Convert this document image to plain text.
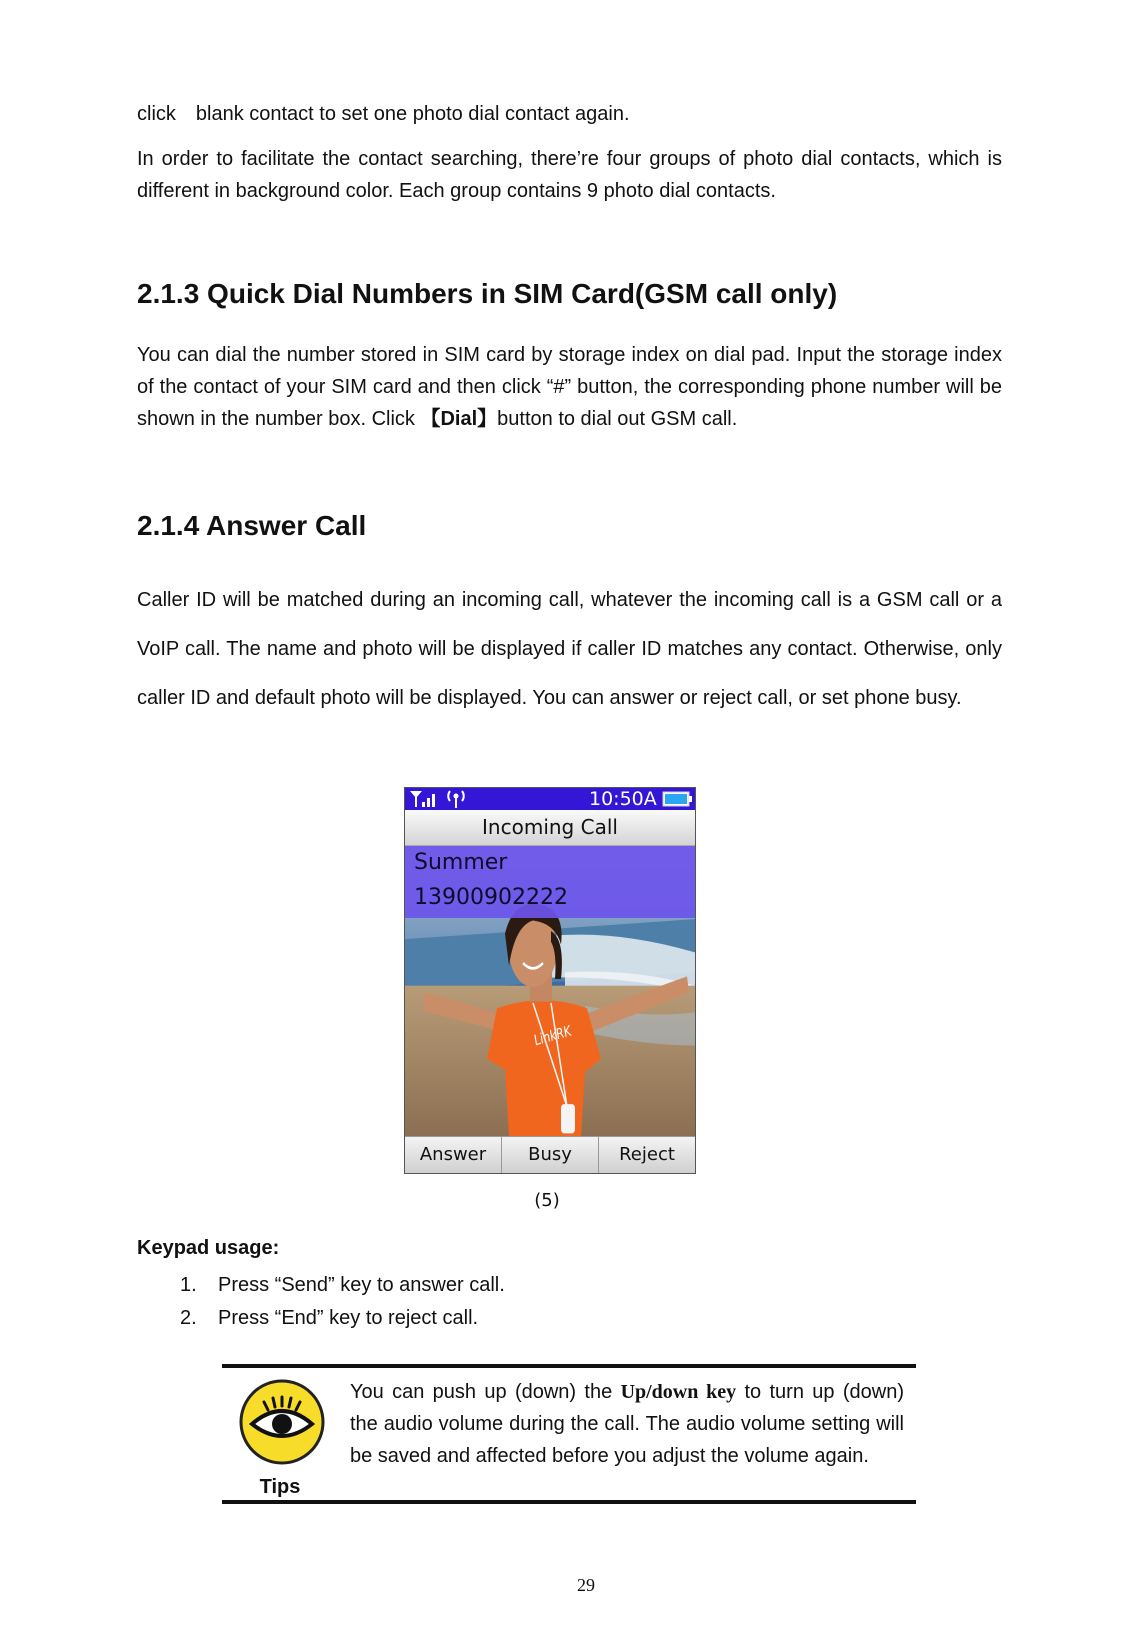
click　blank contact to set one photo dial contact again.

In order to facilitate the contact searching, there’re four groups of photo dial contacts, which is different in background color. Each group contains 9 photo dial contacts.

2.1.3 Quick Dial Numbers in SIM Card(GSM call only)

You can dial the number stored in SIM card by storage index on dial pad. Input the storage index of the contact of your SIM card and then click “#” button, the corresponding phone number will be shown in the number box. Click 【Dial】button to dial out GSM call.

2.1.4 Answer Call

Caller ID will be matched during an incoming call, whatever the incoming call is a GSM call or a VoIP call. The name and photo will be displayed if caller ID matches any contact. Otherwise, only caller ID and default photo will be displayed. You can answer or reject call, or set phone busy.

10:50A
Incoming Call
LinkRK
Summer
13900902222
Answer	Busy	Reject
(5)

Keypad usage:

1. Press “Send” key to answer call.
2. Press “End” key to reject call.
Tips

You can push up (down) the Up/down key to turn up (down) the audio volume during the call. The audio volume setting will be saved and affected before you adjust the volume again.

29
